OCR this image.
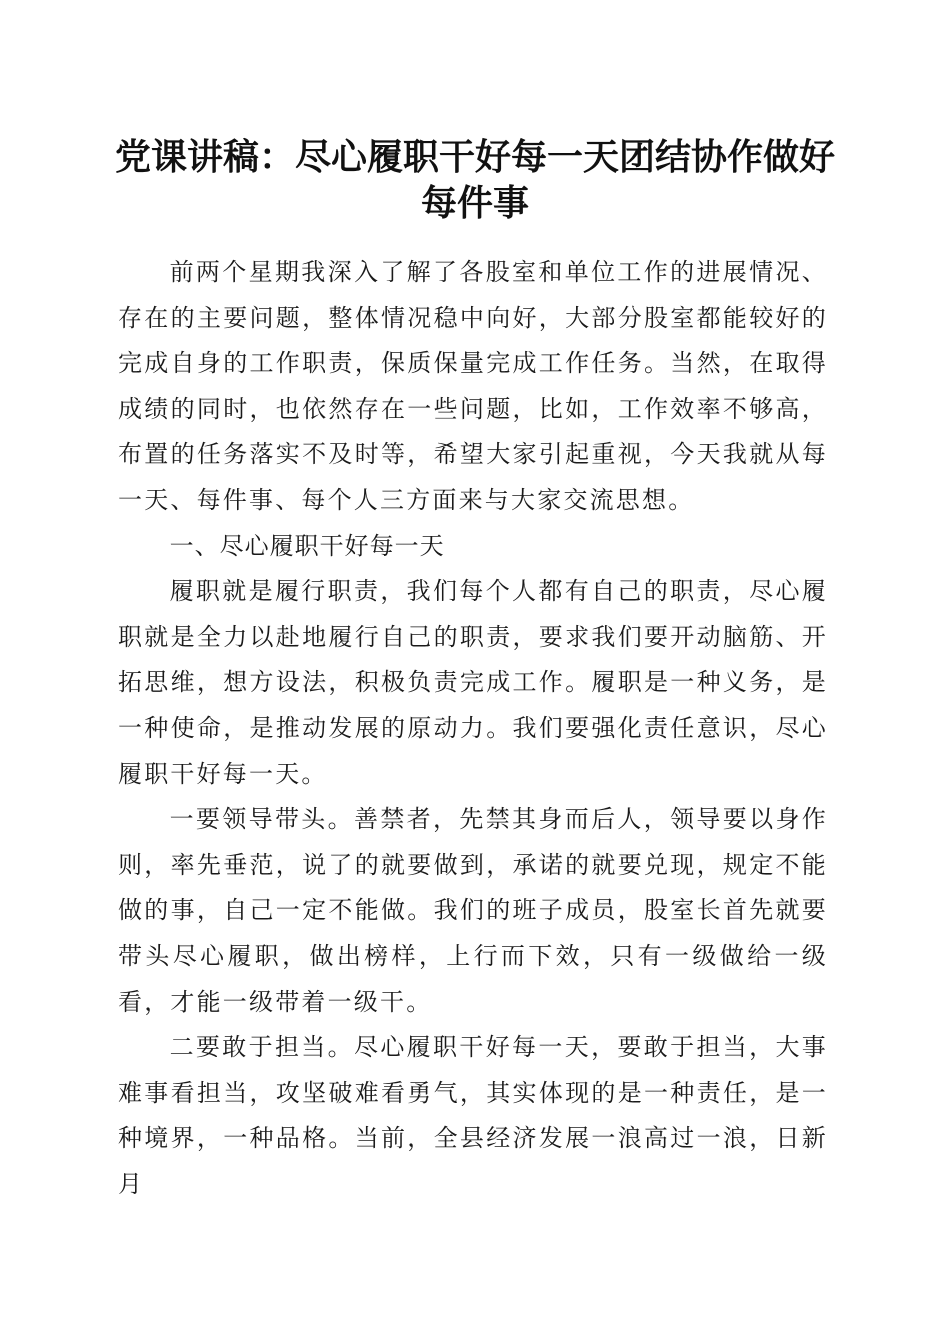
党课讲稿：尽心履职干好每一天团结协作做好
每件事

前两个星期我深入了解了各股室和单位工作的进展情况、存在的主要问题，整体情况稳中向好，大部分股室都能较好的完成自身的工作职责，保质保量完成工作任务。当然，在取得成绩的同时，也依然存在一些问题，比如，工作效率不够高，布置的任务落实不及时等，希望大家引起重视，今天我就从每一天、每件事、每个人三方面来与大家交流思想。

一、尽心履职干好每一天

履职就是履行职责，我们每个人都有自己的职责，尽心履职就是全力以赴地履行自己的职责，要求我们要开动脑筋、开拓思维，想方设法，积极负责完成工作。履职是一种义务，是一种使命，是推动发展的原动力。我们要强化责任意识，尽心履职干好每一天。

一要领导带头。善禁者，先禁其身而后人，领导要以身作则，率先垂范，说了的就要做到，承诺的就要兑现，规定不能做的事，自己一定不能做。我们的班子成员，股室长首先就要带头尽心履职，做出榜样，上行而下效，只有一级做给一级看，才能一级带着一级干。

二要敢于担当。尽心履职干好每一天，要敢于担当，大事难事看担当，攻坚破难看勇气，其实体现的是一种责任，是一种境界，一种品格。当前，全县经济发展一浪高过一浪，日新月
